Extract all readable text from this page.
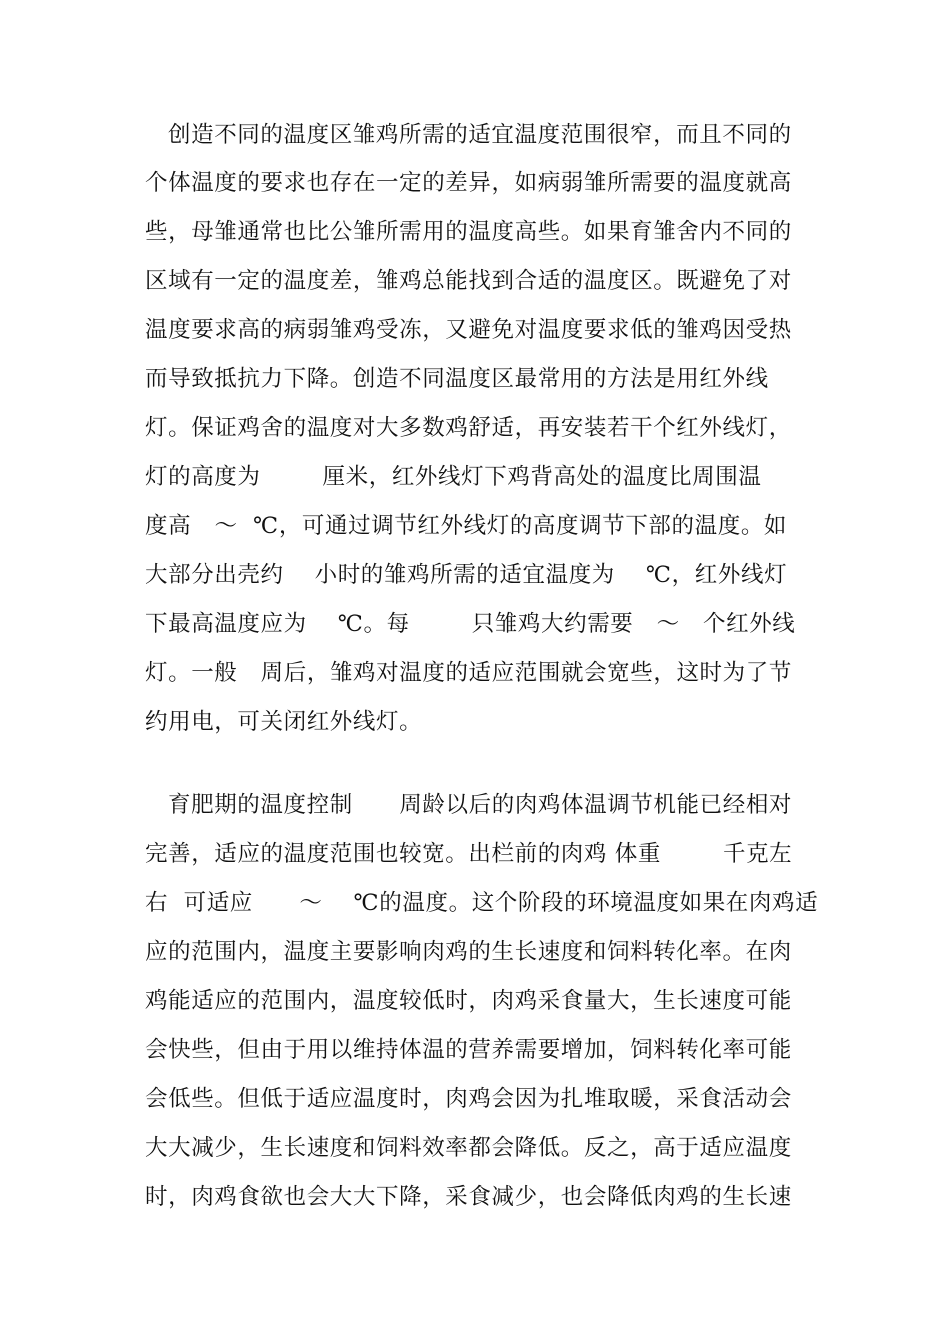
创造不同的温度区雏鸡所需的适宜温度范围很窄，而且不同的
个体温度的要求也存在一定的差异，如病弱雏所需要的温度就高
些，母雏通常也比公雏所需用的温度高些。如果育雏舍内不同的
区域有一定的温度差，雏鸡总能找到合适的温度区。既避免了对
温度要求高的病弱雏鸡受冻，又避免对温度要求低的雏鸡因受热
而导致抵抗力下降。创造不同温度区最常用的方法是用红外线
灯。保证鸡舍的温度对大多数鸡舒适，再安装若干个红外线灯，
灯的高度为        厘米，红外线灯下鸡背高处的温度比周围温
度高   ～  ℃，可通过调节红外线灯的高度调节下部的温度。如
大部分出壳约    小时的雏鸡所需的适宜温度为    ℃，红外线灯
下最高温度应为    ℃。每        只雏鸡大约需要   ～   个红外线
灯。一般   周后，雏鸡对温度的适应范围就会宽些，这时为了节
约用电，可关闭红外线灯。
育肥期的温度控制      周龄以后的肉鸡体温调节机能已经相对
完善，适应的温度范围也较宽。出栏前的肉鸡 体重        千克左
右  可适应      ～    ℃的温度。这个阶段的环境温度如果在肉鸡适
应的范围内，温度主要影响肉鸡的生长速度和饲料转化率。在肉
鸡能适应的范围内，温度较低时，肉鸡采食量大，生长速度可能
会快些，但由于用以维持体温的营养需要增加，饲料转化率可能
会低些。但低于适应温度时，肉鸡会因为扎堆取暖，采食活动会
大大减少，生长速度和饲料效率都会降低。反之，高于适应温度
时，肉鸡食欲也会大大下降，采食减少，也会降低肉鸡的生长速
